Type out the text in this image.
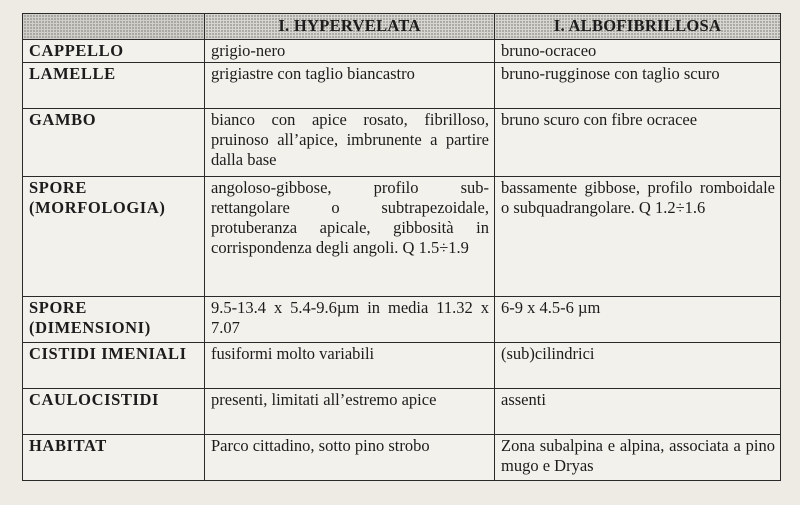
	I. HYPERVELATA	I. ALBOFIBRILLOSA
CAPPELLO	grigio-nero	bruno-ocraceo
LAMELLE	grigiastre con taglio biancastro	bruno-rugginose con taglio scuro
GAMBO	bianco con apice rosato, fibrilloso, pruinoso all’apice, imbrunente a partire dalla base	bruno scuro con fibre ocracee
SPORE (MORFOLOGIA)	angoloso-gibbose, profilo sub-rettangolare o subtrapezoidale, protuberanza apicale, gibbosità in corrispondenza degli angoli. Q 1.5÷1.9	bassamente gibbose, profilo romboidale o subquadrangolare. Q 1.2÷1.6
SPORE (DIMENSIONI)	9.5-13.4 x 5.4-9.6µm in media 11.32 x 7.07	6-9 x 4.5-6 µm
CISTIDI IMENIALI	fusiformi molto variabili	(sub)cilindrici
CAULOCISTIDI	presenti, limitati all’estremo apice	assenti
HABITAT	Parco cittadino, sotto pino strobo	Zona subalpina e alpina, associata a pino mugo e Dryas
